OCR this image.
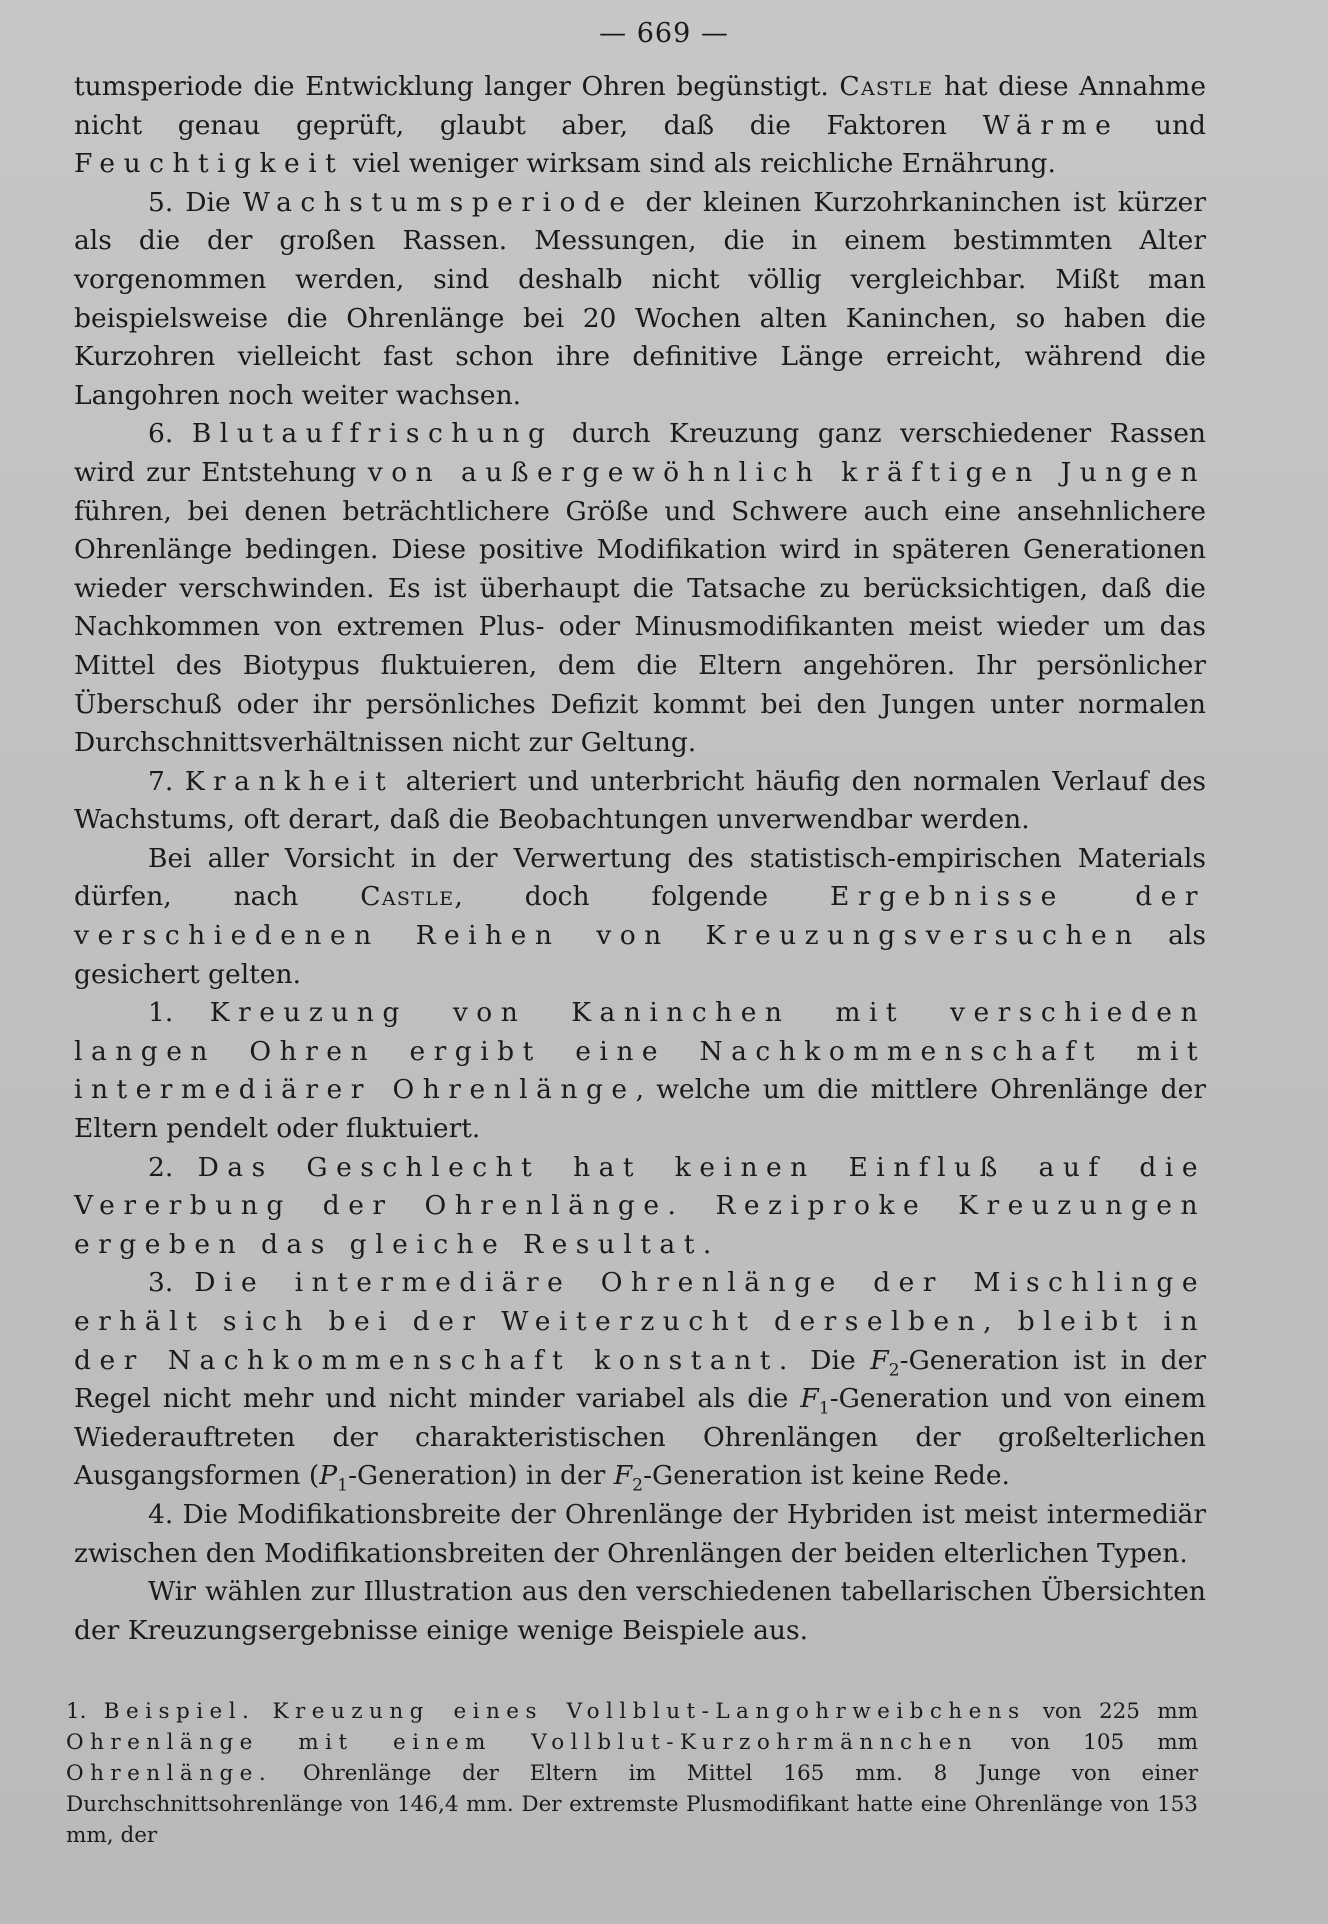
— 669 —

tumsperiode die Entwicklung langer Ohren begünstigt. Castle hat diese Annahme nicht genau geprüft, glaubt aber, daß die Faktoren Wärme und Feuchtigkeit viel weniger wirksam sind als reichliche Ernährung.

5. Die Wachstumsperiode der kleinen Kurzohrkaninchen ist kürzer als die der großen Rassen. Messungen, die in einem bestimmten Alter vorgenommen werden, sind deshalb nicht völlig vergleichbar. Mißt man beispielsweise die Ohrenlänge bei 20 Wochen alten Kaninchen, so haben die Kurzohren vielleicht fast schon ihre definitive Länge erreicht, während die Langohren noch weiter wachsen.

6. Blutauffrischung durch Kreuzung ganz verschiedener Rassen wird zur Entstehung von außergewöhnlich kräftigen Jungen führen, bei denen beträchtlichere Größe und Schwere auch eine ansehnlichere Ohrenlänge bedingen. Diese positive Modifikation wird in späteren Generationen wieder verschwinden. Es ist überhaupt die Tatsache zu berücksichtigen, daß die Nachkommen von extremen Plus- oder Minusmodifikanten meist wieder um das Mittel des Biotypus fluktuieren, dem die Eltern angehören. Ihr persönlicher Überschuß oder ihr persönliches Defizit kommt bei den Jungen unter normalen Durchschnittsverhältnissen nicht zur Geltung.

7. Krankheit alteriert und unterbricht häufig den normalen Verlauf des Wachstums, oft derart, daß die Beobachtungen unverwendbar werden.

Bei aller Vorsicht in der Verwertung des statistisch-empirischen Materials dürfen, nach Castle, doch folgende Ergebnisse der verschiedenen Reihen von Kreuzungsversuchen als gesichert gelten.

1. Kreuzung von Kaninchen mit verschieden langen Ohren ergibt eine Nachkommenschaft mit intermediärer Ohrenlänge, welche um die mittlere Ohrenlänge der Eltern pendelt oder fluktuiert.

2. Das Geschlecht hat keinen Einfluß auf die Vererbung der Ohrenlänge. Reziproke Kreuzungen ergeben das gleiche Resultat.

3. Die intermediäre Ohrenlänge der Mischlinge erhält sich bei der Weiterzucht derselben, bleibt in der Nachkommenschaft konstant. Die $F_2$-Generation ist in der Regel nicht mehr und nicht minder variabel als die $F_1$-Generation und von einem Wiederauftreten der charakteristischen Ohrenlängen der großelterlichen Ausgangsformen $(P_1-Generation)$ in der $F_2$-Generation ist keine Rede.

4. Die Modifikationsbreite der Ohrenlänge der Hybriden ist meist intermediär zwischen den Modifikationsbreiten der Ohrenlängen der beiden elterlichen Typen.

Wir wählen zur Illustration aus den verschiedenen tabellarischen Übersichten der Kreuzungsergebnisse einige wenige Beispiele aus.

1. Beispiel. Kreuzung eines Vollblut-Langohrweibchens von 225 mm Ohrenlänge mit einem Vollblut-Kurzohrmännchen von 105 mm Ohrenlänge. Ohrenlänge der Eltern im Mittel 165 mm. 8 Junge von einer Durchschnittsohrenlänge von 146,4 mm. Der extremste Plusmodifikant hatte eine Ohrenlänge von 153 mm, der
